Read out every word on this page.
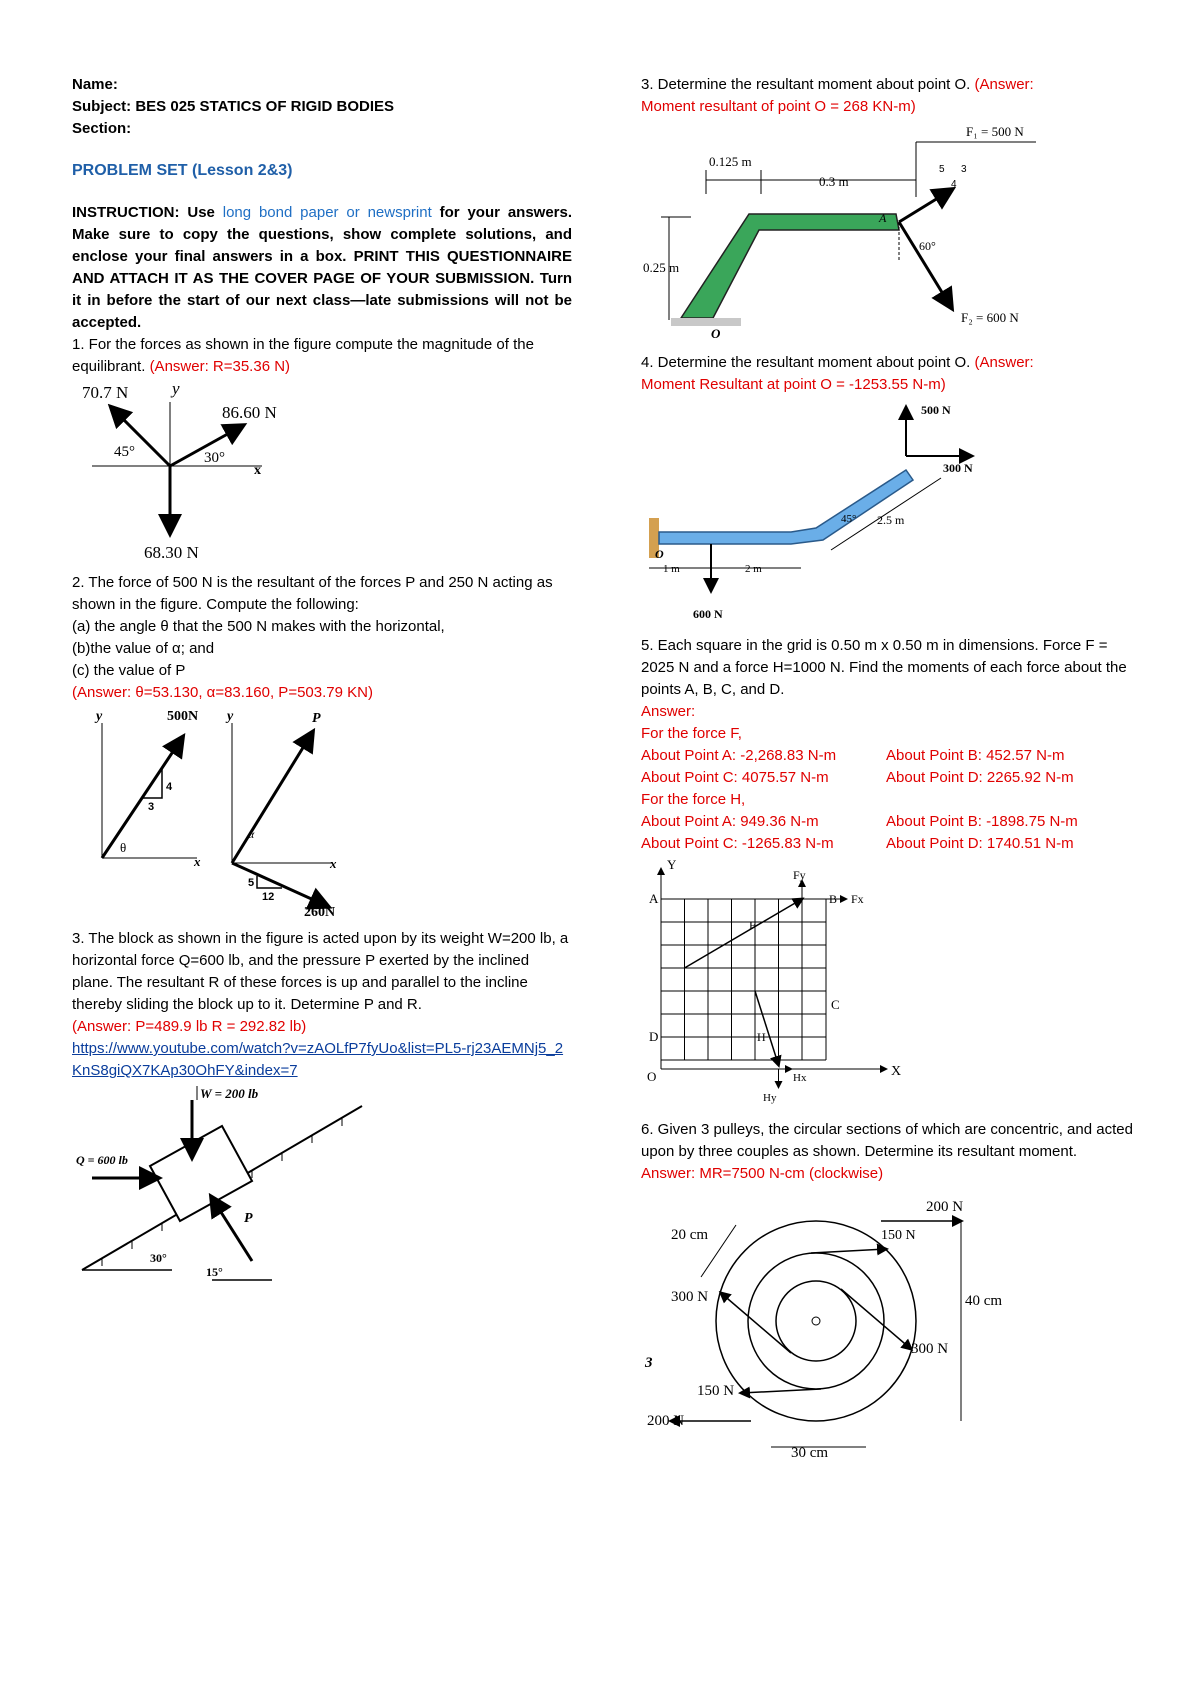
Name:

Subject: BES 025 STATICS OF RIGID BODIES

Section:

PROBLEM SET (Lesson 2&3)

INSTRUCTION: Use long bond paper or newsprint for your answers. Make sure to copy the questions, show complete solutions, and enclose your final answers in a box. PRINT THIS QUESTIONNAIRE AND ATTACH IT AS THE COVER PAGE OF YOUR SUBMISSION. Turn it in before the start of our next class—late submissions will not be accepted.

1. For the forces as shown in the figure compute the magnitude of the equilibrant. (Answer: R=35.36 N)

70.7 N	y
86.60 N
45°	30°
x
68.30 N

2. The force of 500 N is the resultant of the forces P and 250 N acting as shown in the figure. Compute the following:

(a) the angle θ that the 500 N makes with the horizontal,

(b)the value of α; and

(c) the value of P

(Answer: θ=53.130, α=83.160, P=503.79 KN)

y	500N
4
3
θ
x
y	P
α
5
12
x
260N

3. The block as shown in the figure is acted upon by its weight W=200 lb, a horizontal force Q=600 lb, and the pressure P exerted by the inclined plane. The resultant R of these forces is up and parallel to the incline thereby sliding the block up to it. Determine P and R.

(Answer: P=489.9 lb R = 292.82 lb)

https://www.youtube.com/watch?v=zAOLfP7fyUo&list=PL5-rj23AEMNj5_2KnS8giQX7KAp30OhFY&index=7
W = 200 lb
Q = 600 lb
P
30°
15°

3. Determine the resultant moment about point O. (Answer:

Moment resultant of point O = 268 KN-m)

F₁ = 500 N
0.125 m
0.3 m
5 3
4
A
60°
0.25 m
F₂ = 600 N
O

4. Determine the resultant moment about point O. (Answer:

Moment Resultant at point O = -1253.55 N-m)

500 N
300 N
45° 2.5 m
O
1 m	2 m
600 N

5. Each square in the grid is 0.50 m x 0.50 m in dimensions. Force F = 2025 N and a force H=1000 N. Find the moments of each force about the points A, B, C, and D.

Answer:

For the force F,

About Point A: -2,268.83 N-m	About Point B: 452.57 N-m
About Point C: 4075.57 N-m	About Point D: 2265.92 N-m

For the force H,

About Point A: 949.36 N-m	About Point B: -1898.75 N-m
About Point C: -1265.83 N-m	About Point D: 1740.51 N-m
Y
A
Fy
B Fx
F
C
D	H
O	Hx	X
Hy

6. Given 3 pulleys, the circular sections of which are concentric, and acted upon by three couples as shown. Determine its resultant moment.

Answer: MR=7500 N-cm (clockwise)

200 N
20 cm	150 N
300 N	40 cm
300 N
3
150 N
200 N
30 cm
